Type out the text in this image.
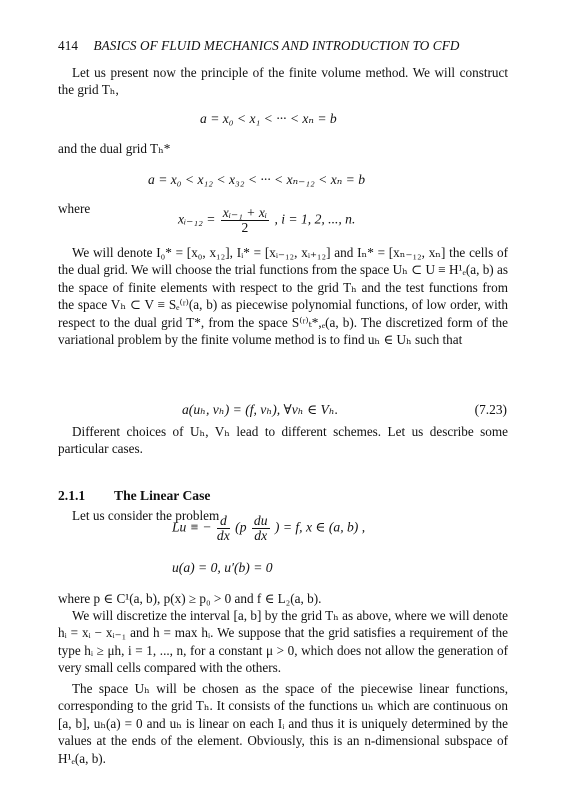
414 BASICS OF FLUID MECHANICS AND INTRODUCTION TO CFD
Let us present now the principle of the finite volume method. We will construct the grid Tₕ,
a = x₀ < x₁ < ··· < xₙ = b
and the dual grid Tₕ*
a = x₀ < x₁₂ < x₃₂ < ··· < xₙ₋₁₂ < xₙ = b
where
xᵢ₋₁₂ = $\frac{\text{xᵢ₋₁ + xᵢ}}{2}$ , i = 1, 2, ..., n.
We will denote I₀* = [x₀, x₁₂], Iᵢ* = [xᵢ₋₁₂, xᵢ₊₁₂] and Iₙ* = [xₙ₋₁₂, xₙ] the cells of the dual grid. We will choose the trial functions from the space Uₕ ⊂ U ≡ H¹ₑ(a, b) as the space of finite elements with respect to the grid Tₕ and the test functions from the space Vₕ ⊂ V ≡ Sₑ⁽ʳ⁾(a, b) as piecewise polynomial functions, of low order, with respect to the dual grid T*, from the space S⁽ʳ⁾ₜ*,ₑ(a, b). The discretized form of the variational problem by the finite volume method is to find uₕ ∈ Uₕ such that
a(uₕ, vₕ) = (f, vₕ), ∀vₕ ∈ Vₕ.	(7.23)
Different choices of Uₕ, Vₕ lead to different schemes. Let us describe some particular cases.
2.1.1 The Linear Case
Let us consider the problem
Lu ≡ − $\frac{d}{dx} (p \frac{du}{dx}$ ) = f, x ∈ (a, b) ,
u(a) = 0, u′(b) = 0
where p ∈ C¹(a, b), p(x) ≥ p₀ > 0 and f ∈ L₂(a, b).
We will discretize the interval [a, b] by the grid Tₕ as above, where we will denote hᵢ = xᵢ − xᵢ₋₁ and h = max hᵢ. We suppose that the grid satisfies a requirement of the type hᵢ ≥ μh, i = 1, ..., n, for a constant μ > 0, which does not allow the generation of very small cells compared with the others.
The space Uₕ will be chosen as the space of the piecewise linear functions, corresponding to the grid Tₕ. It consists of the functions uₕ which are continuous on [a, b], uₕ(a) = 0 and uₕ is linear on each Iᵢ and thus it is uniquely determined by the values at the ends of the element. Obviously, this is an n-dimensional subspace of H¹ₑ(a, b).
